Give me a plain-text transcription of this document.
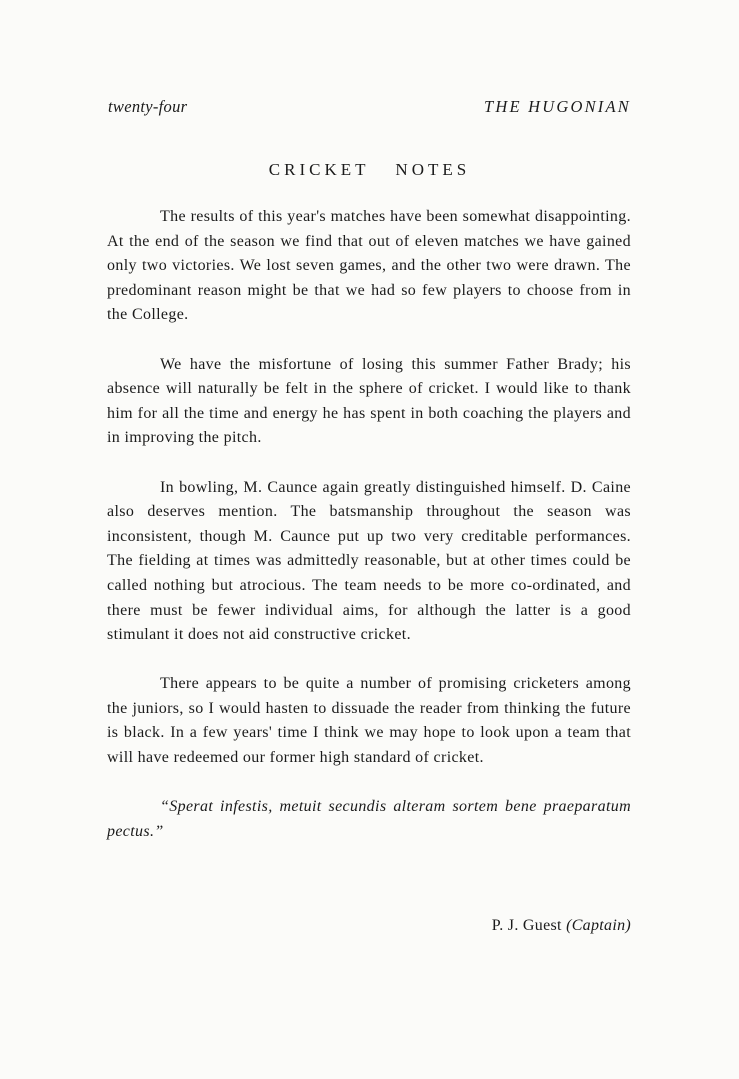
twenty-four	THE HUGONIAN
CRICKET NOTES

The results of this year's matches have been somewhat disappointing. At the end of the season we find that out of eleven matches we have gained only two victories. We lost seven games, and the other two were drawn. The predominant reason might be that we had so few players to choose from in the College.

We have the misfortune of losing this summer Father Brady; his absence will naturally be felt in the sphere of cricket. I would like to thank him for all the time and energy he has spent in both coaching the players and in improving the pitch.

In bowling, M. Caunce again greatly distinguished himself. D. Caine also deserves mention. The batsmanship throughout the season was inconsistent, though M. Caunce put up two very creditable performances. The fielding at times was admittedly reasonable, but at other times could be called nothing but atrocious. The team needs to be more co-ordinated, and there must be fewer individual aims, for although the latter is a good stimulant it does not aid constructive cricket.

There appears to be quite a number of promising cricketers among the juniors, so I would hasten to dissuade the reader from thinking the future is black. In a few years' time I think we may hope to look upon a team that will have redeemed our former high standard of cricket.

“Sperat infestis, metuit secundis alteram sortem bene praeparatum pectus.”

P. J. Guest (Captain)
